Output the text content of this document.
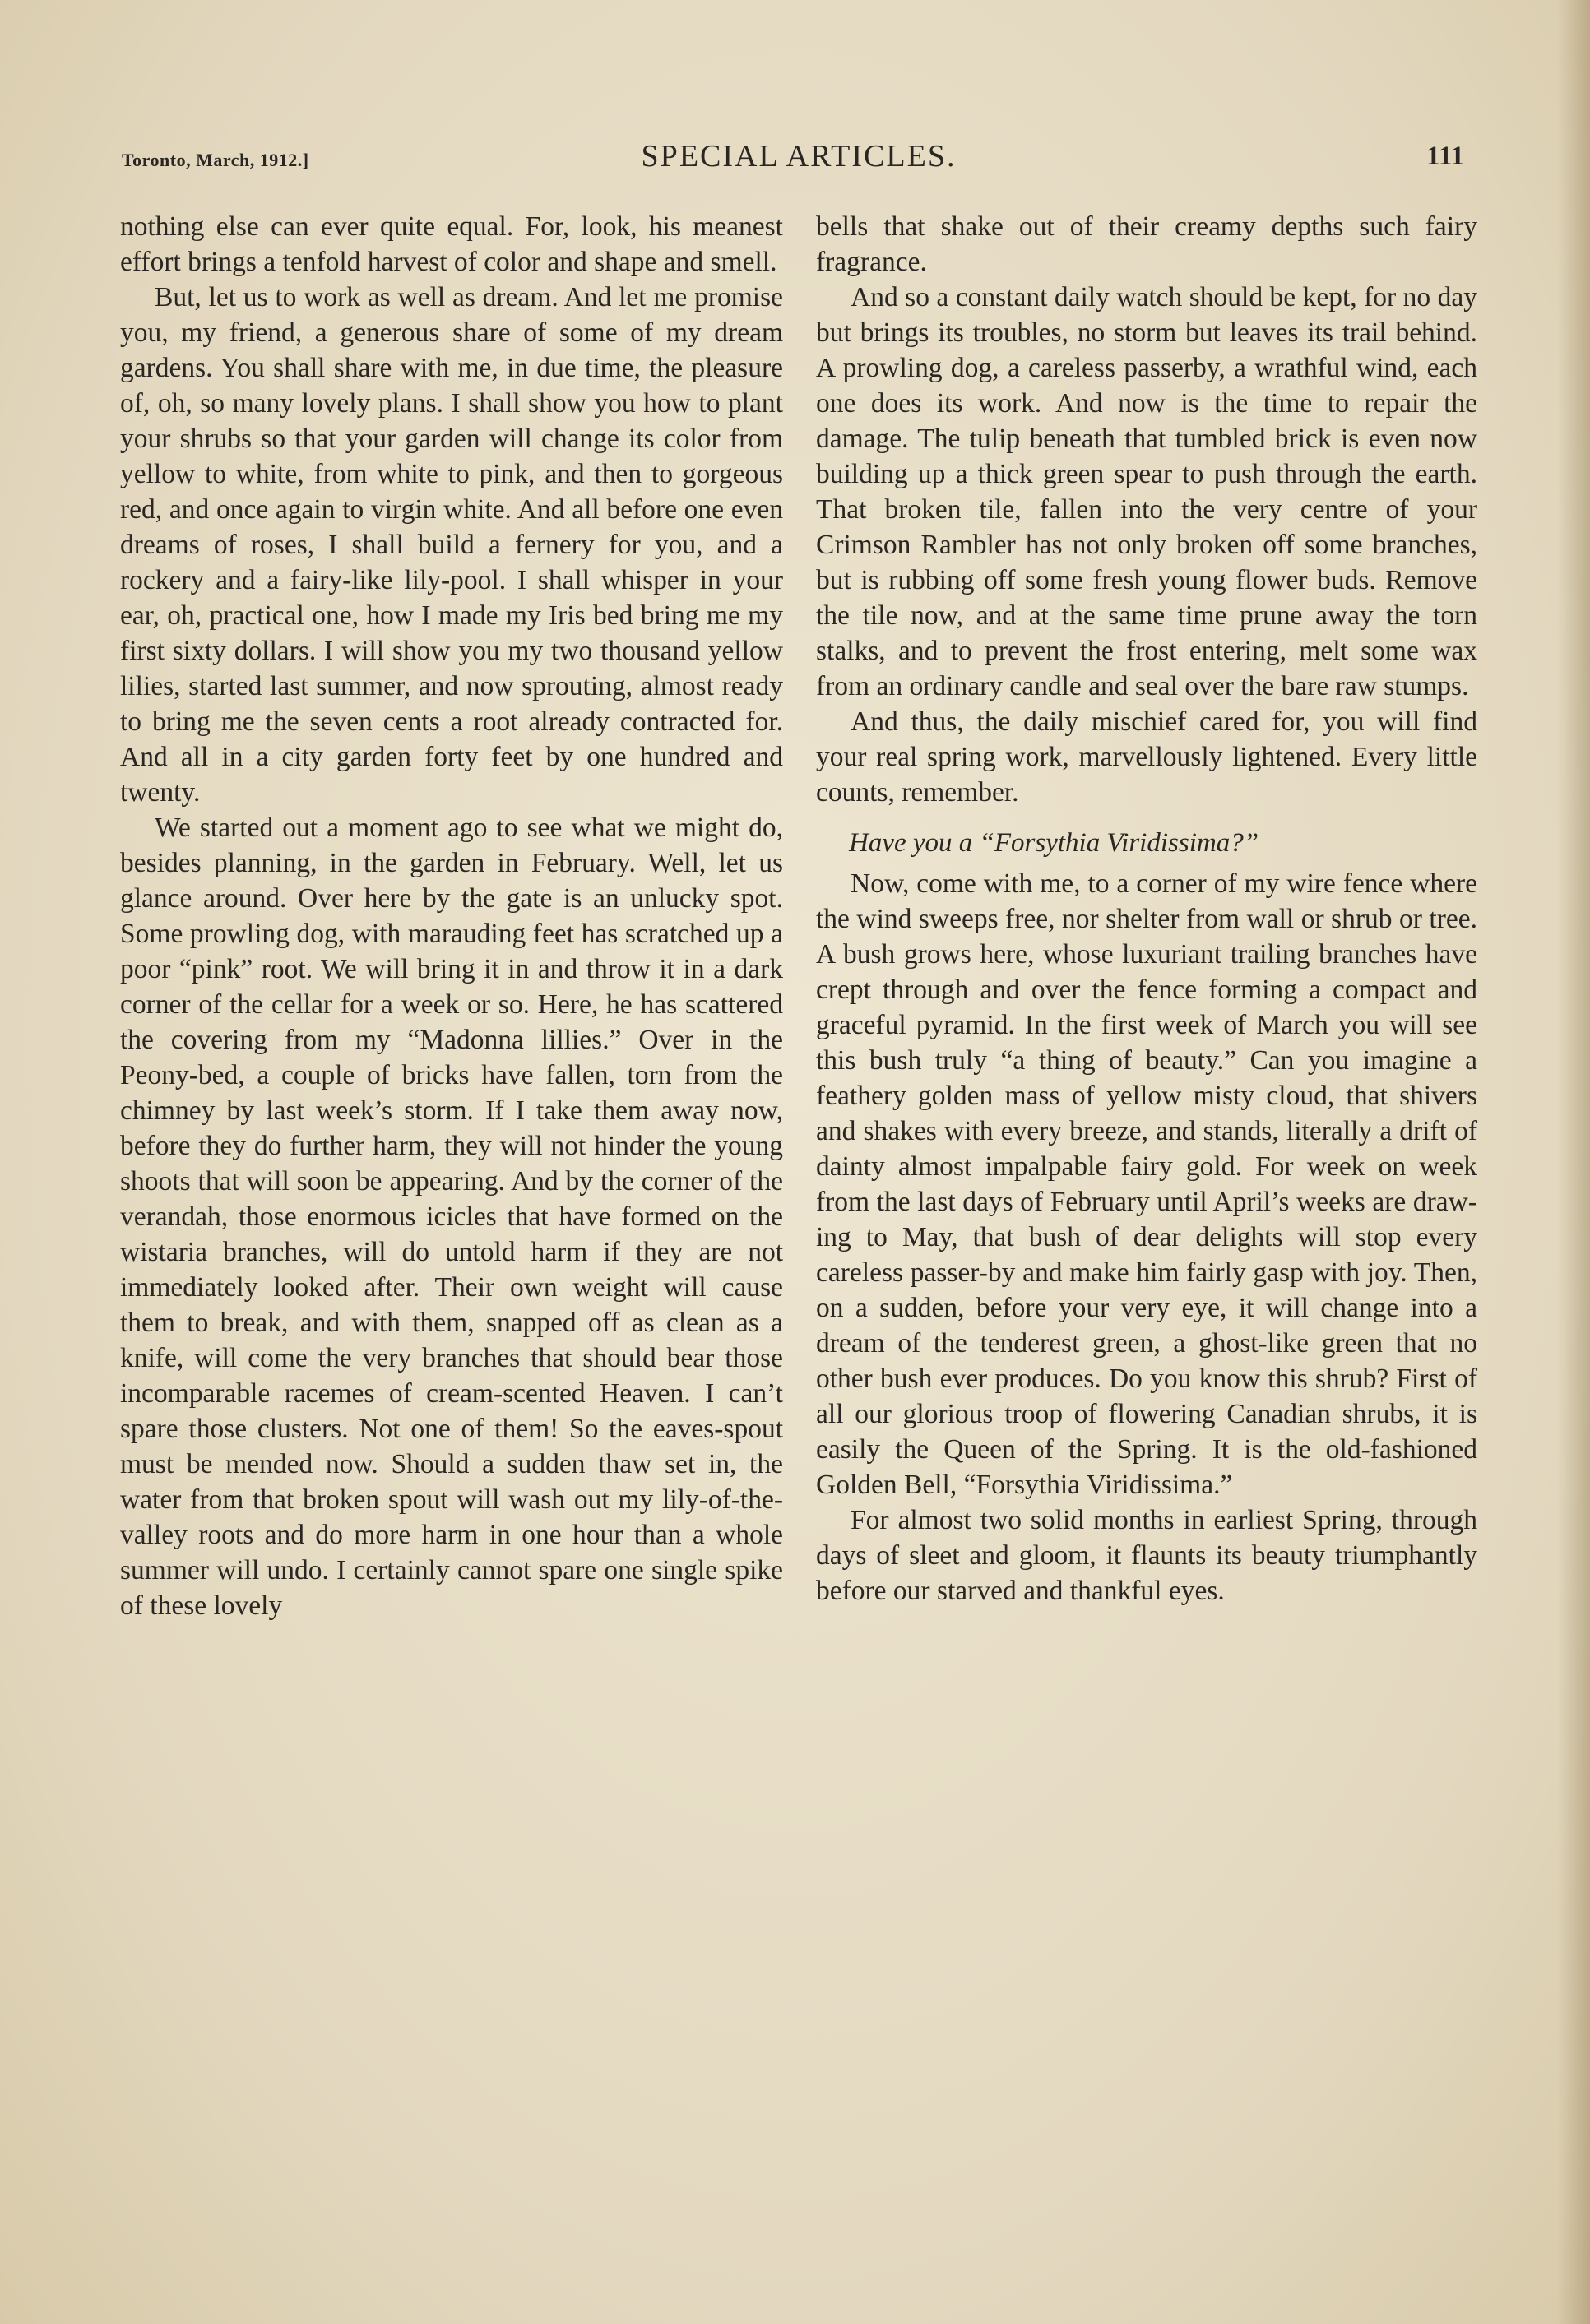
Toronto, March, 1912.]	SPECIAL ARTICLES.	111

nothing else can ever quite equal. For, look, his meanest effort brings a tenfold harvest of color and shape and smell.

But, let us to work as well as dream. And let me promise you, my friend, a generous share of some of my dream gardens. You shall share with me, in due time, the pleasure of, oh, so many lovely plans. I shall show you how to plant your shrubs so that your garden will change its color from yellow to white, from white to pink, and then to gorgeous red, and once again to virgin white. And all before one even dreams of roses, I shall build a fernery for you, and a rockery and a fairy-like lily-pool. I shall whisper in your ear, oh, practical one, how I made my Iris bed bring me my first sixty dollars. I will show you my two thousand yellow lilies, started last summer, and now sprouting, almost ready to bring me the seven cents a root already contracted for. And all in a city garden forty feet by one hundred and twenty.

We started out a moment ago to see what we might do, besides planning, in the garden in February. Well, let us glance around. Over here by the gate is an unlucky spot. Some prowling dog, with marauding feet has scratched up a poor “pink” root. We will bring it in and throw it in a dark corner of the cellar for a week or so. Here, he has scattered the covering from my “Madonna lillies.” Over in the Peony-bed, a couple of bricks have fallen, torn from the chimney by last week’s storm. If I take them away now, before they do further harm, they will not hinder the young shoots that will soon be appearing. And by the corner of the verandah, those enormous icicles that have formed on the wistaria branches, will do untold harm if they are not immediately looked after. Their own weight will cause them to break, and with them, snapped off as clean as a knife, will come the very branches that should bear those incomparable racemes of cream-scented Heaven. I can’t spare those clusters. Not one of them! So the eaves-spout must be mended now. Should a sudden thaw set in, the water from that broken spout will wash out my lily-of-the-valley roots and do more harm in one hour than a whole summer will undo. I certainly cannot spare one single spike of these lovely

bells that shake out of their creamy depths such fairy fragrance.

And so a constant daily watch should be kept, for no day but brings its troubles, no storm but leaves its trail behind. A prowling dog, a careless passerby, a wrathful wind, each one does its work. And now is the time to repair the damage. The tulip beneath that tumbled brick is even now building up a thick green spear to push through the earth. That broken tile, fallen into the very centre of your Crimson Rambler has not only broken off some branches, but is rubbing off some fresh young flower buds. Remove the tile now, and at the same time prune away the torn stalks, and to prevent the frost entering, melt some wax from an ordinary candle and seal over the bare raw stumps.

And thus, the daily mischief cared for, you will find your real spring work, marvellously lightened. Every little counts, remember.

Have you a “Forsythia Viridissima?”

Now, come with me, to a corner of my wire fence where the wind sweeps free, nor shelter from wall or shrub or tree. A bush grows here, whose luxuriant trailing branches have crept through and over the fence forming a compact and graceful pyramid. In the first week of March you will see this bush truly “a thing of beauty.” Can you imagine a feathery golden mass of yellow misty cloud, that shivers and shakes with every breeze, and stands, literally a drift of dainty almost impalpable fairy gold. For week on week from the last days of February until April’s weeks are drawing to May, that bush of dear delights will stop every careless passer-by and make him fairly gasp with joy. Then, on a sudden, before your very eye, it will change into a dream of the tenderest green, a ghost-like green that no other bush ever produces. Do you know this shrub? First of all our glorious troop of flowering Canadian shrubs, it is easily the Queen of the Spring. It is the old-fashioned Golden Bell, “Forsythia Viridissima.”

For almost two solid months in earliest Spring, through days of sleet and gloom, it flaunts its beauty triumphantly before our starved and thankful eyes.
